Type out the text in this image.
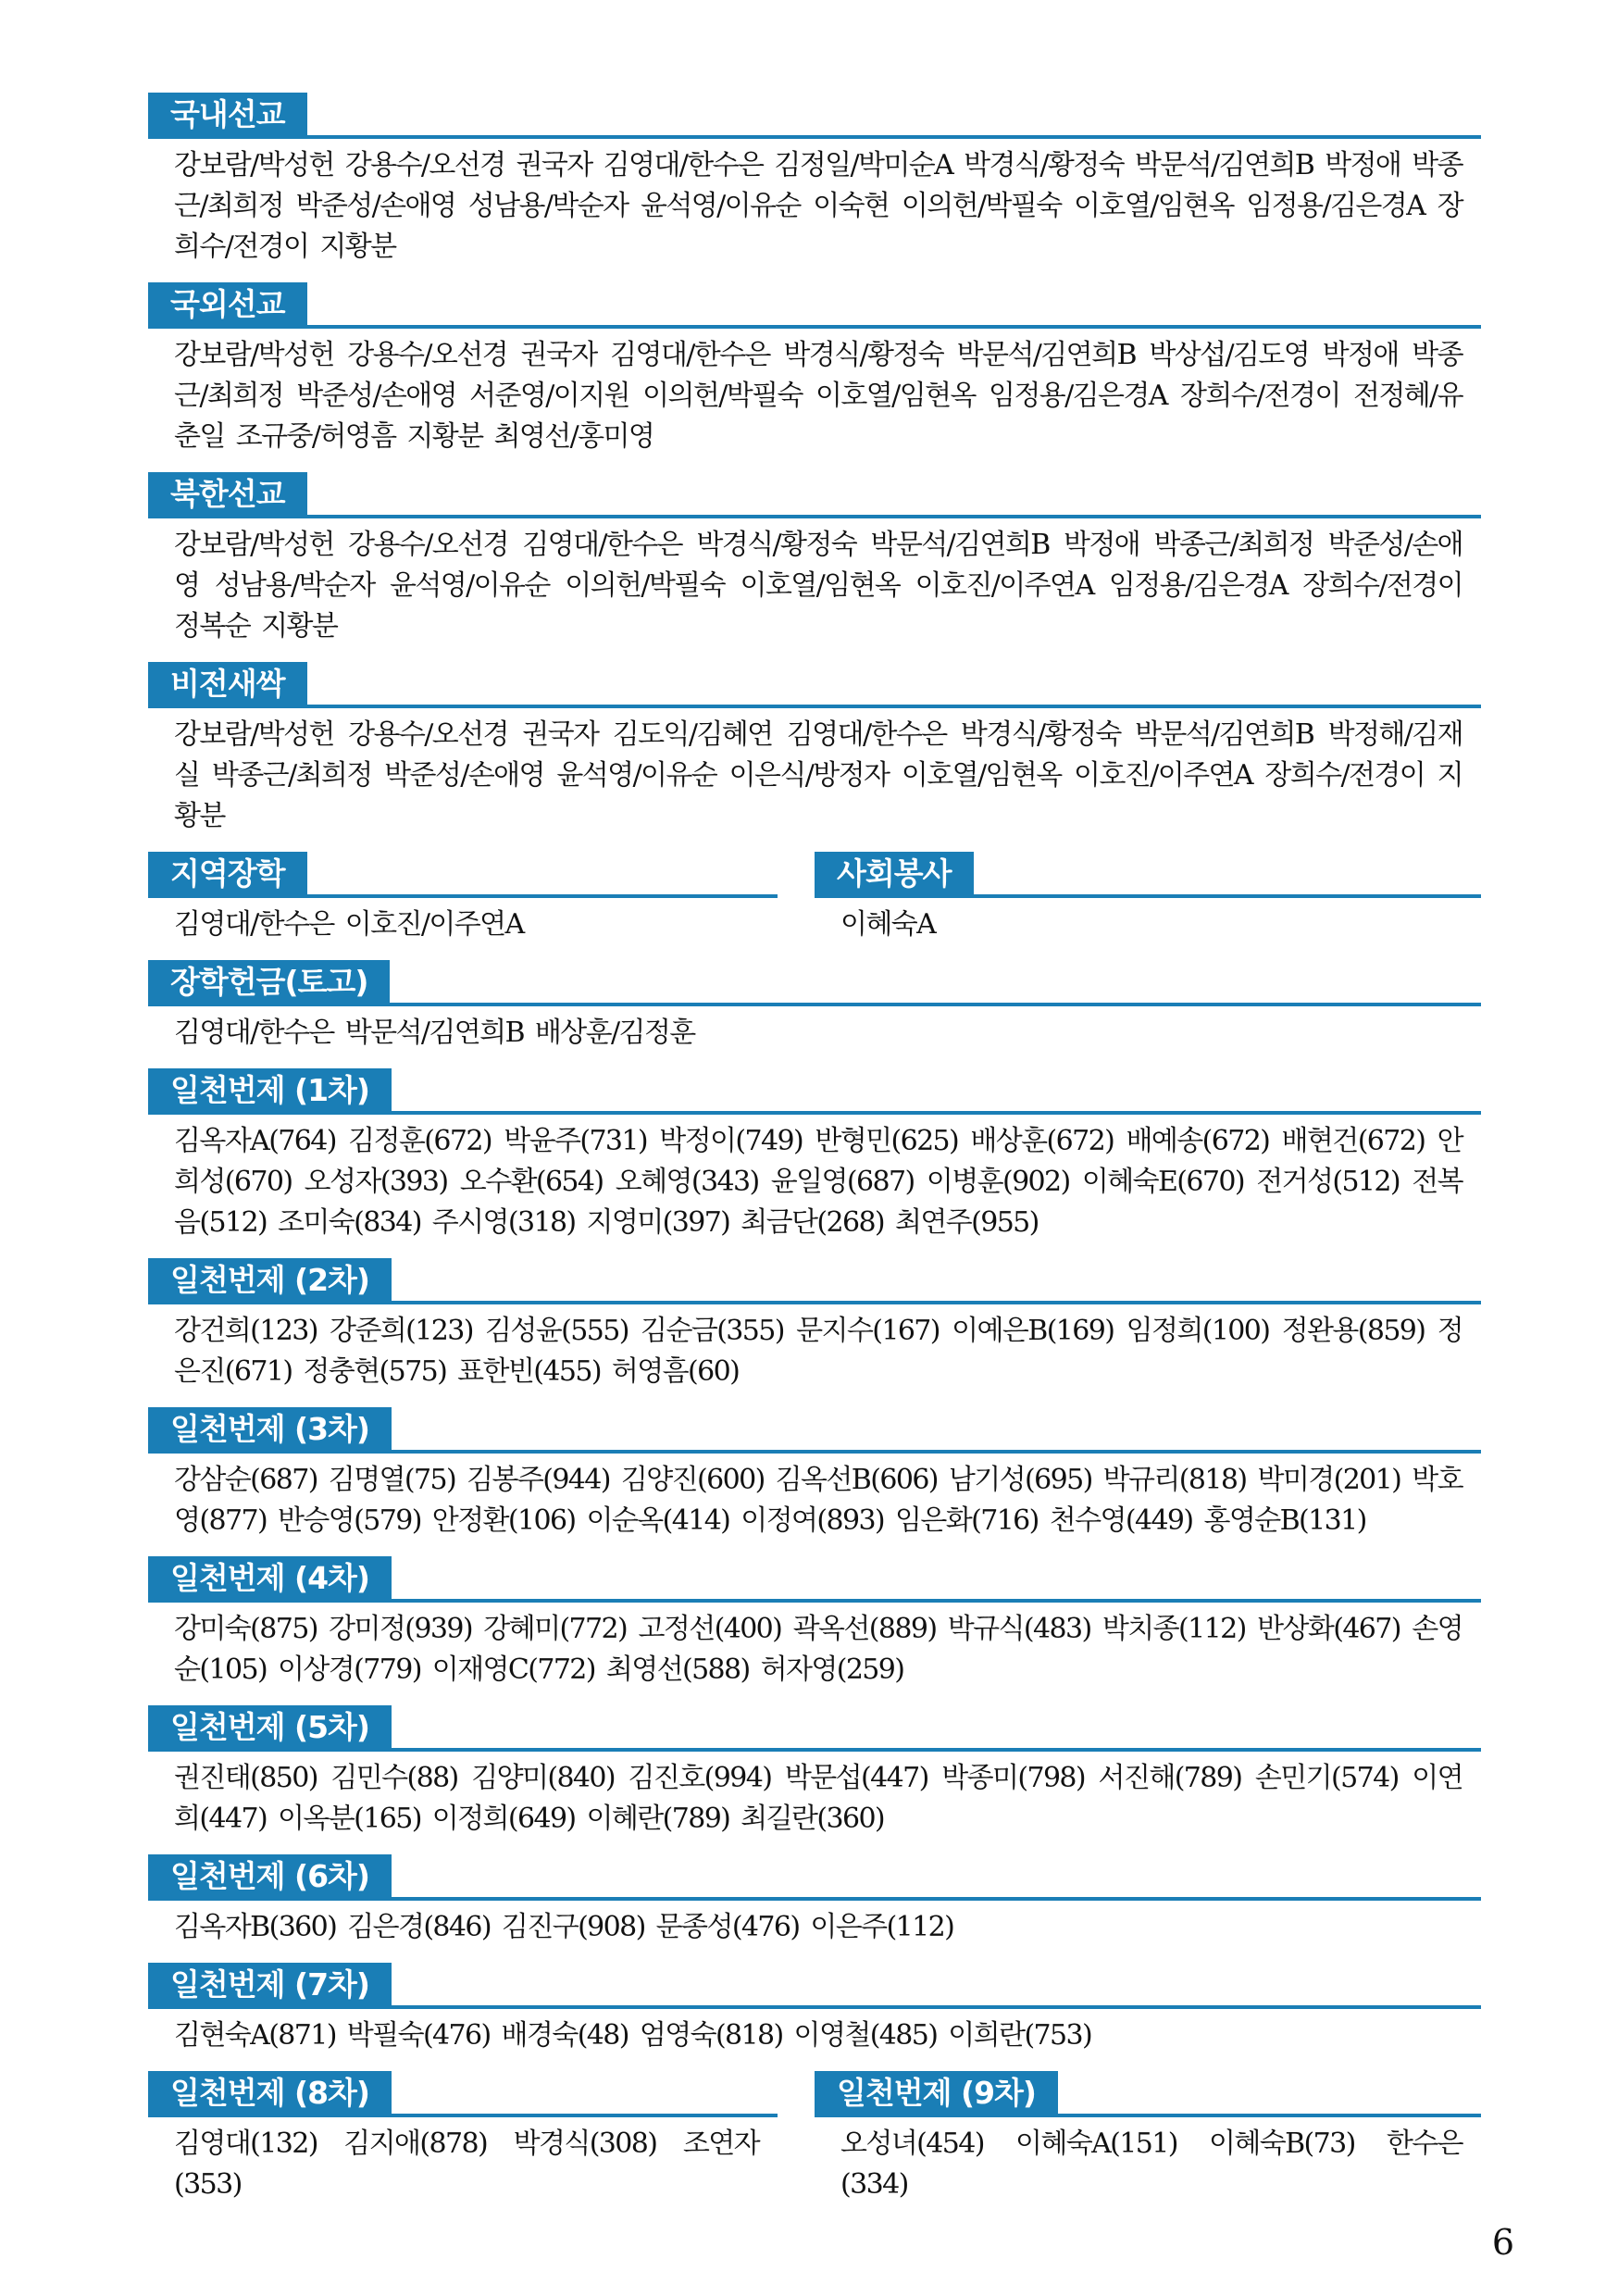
국내선교
강보람/박성헌 강용수/오선경 권국자 김영대/한수은 김정일/박미순A 박경식/황정숙 박문석/김연희B 박정애 박종근/최희정 박준성/손애영 성남용/박순자 윤석영/이유순 이숙현 이의헌/박필숙 이호열/임현옥 임정용/김은경A 장희수/전경이 지황분
국외선교
강보람/박성헌 강용수/오선경 권국자 김영대/한수은 박경식/황정숙 박문석/김연희B 박상섭/김도영 박정애 박종근/최희정 박준성/손애영 서준영/이지원 이의헌/박필숙 이호열/임현옥 임정용/김은경A 장희수/전경이 전정혜/유춘일 조규중/허영흠 지황분 최영선/홍미영
북한선교
강보람/박성헌 강용수/오선경 김영대/한수은 박경식/황정숙 박문석/김연희B 박정애 박종근/최희정 박준성/손애영 성남용/박순자 윤석영/이유순 이의헌/박필숙 이호열/임현옥 이호진/이주연A 임정용/김은경A 장희수/전경이 정복순 지황분
비전새싹
강보람/박성헌 강용수/오선경 권국자 김도익/김혜연 김영대/한수은 박경식/황정숙 박문석/김연희B 박정해/김재실 박종근/최희정 박준성/손애영 윤석영/이유순 이은식/방정자 이호열/임현옥 이호진/이주연A 장희수/전경이 지황분
지역장학
김영대/한수은 이호진/이주연A
사회봉사
이혜숙A
장학헌금(토고)
김영대/한수은 박문석/김연희B 배상훈/김정훈
일천번제 (1차)
김옥자A(764) 김정훈(672) 박윤주(731) 박정이(749) 반형민(625) 배상훈(672) 배예송(672) 배현건(672) 안희성(670) 오성자(393) 오수환(654) 오혜영(343) 윤일영(687) 이병훈(902) 이혜숙E(670) 전거성(512) 전복음(512) 조미숙(834) 주시영(318) 지영미(397) 최금단(268) 최연주(955)
일천번제 (2차)
강건희(123) 강준희(123) 김성윤(555) 김순금(355) 문지수(167) 이예은B(169) 임정희(100) 정완용(859) 정은진(671) 정충현(575) 표한빈(455) 허영흠(60)
일천번제 (3차)
강삼순(687) 김명열(75) 김봉주(944) 김양진(600) 김옥선B(606) 남기성(695) 박규리(818) 박미경(201) 박호영(877) 반승영(579) 안정환(106) 이순옥(414) 이정여(893) 임은화(716) 천수영(449) 홍영순B(131)
일천번제 (4차)
강미숙(875) 강미정(939) 강혜미(772) 고정선(400) 곽옥선(889) 박규식(483) 박치종(112) 반상화(467) 손영순(105) 이상경(779) 이재영C(772) 최영선(588) 허자영(259)
일천번제 (5차)
권진태(850) 김민수(88) 김양미(840) 김진호(994) 박문섭(447) 박종미(798) 서진해(789) 손민기(574) 이연희(447) 이옥분(165) 이정희(649) 이혜란(789) 최길란(360)
일천번제 (6차)
김옥자B(360) 김은경(846) 김진구(908) 문종성(476) 이은주(112)
일천번제 (7차)
김현숙A(871) 박필숙(476) 배경숙(48) 엄영숙(818) 이영철(485) 이희란(753)
일천번제 (8차)
김영대(132) 김지애(878) 박경식(308) 조연자(353)
일천번제 (9차)
오성녀(454) 이혜숙A(151) 이혜숙B(73) 한수은(334)
6
